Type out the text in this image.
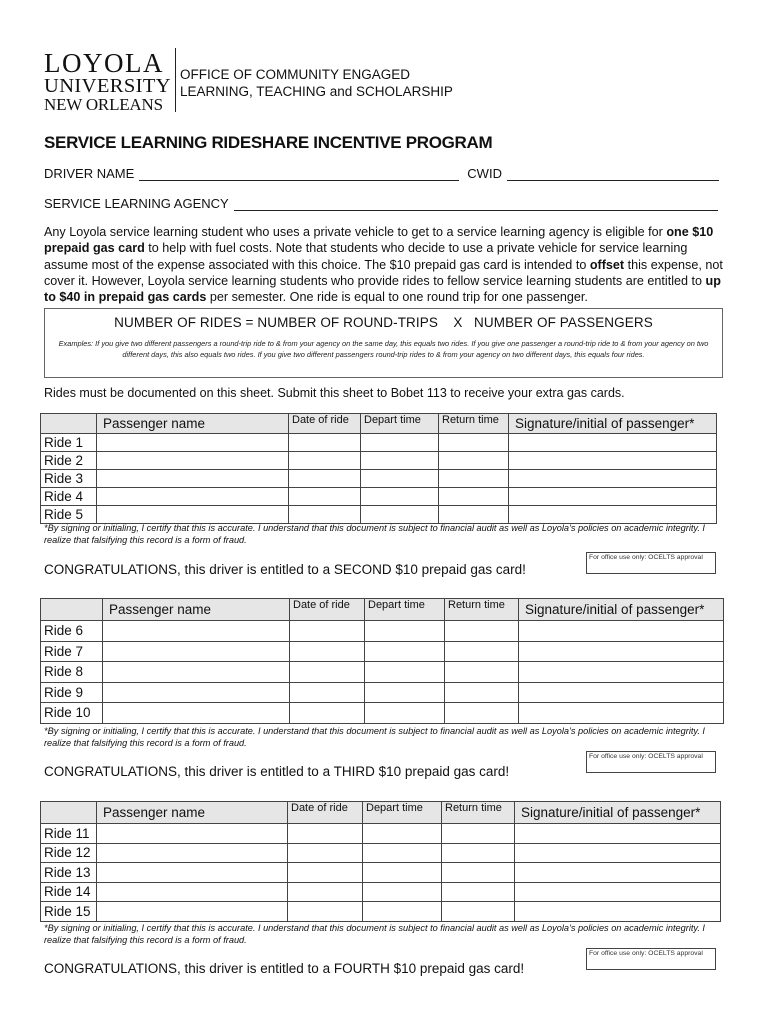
LOYOLA
UNIVERSITY
NEW ORLEANS
OFFICE OF COMMUNITY ENGAGED
LEARNING, TEACHING and SCHOLARSHIP
SERVICE LEARNING RIDESHARE INCENTIVE PROGRAM
DRIVER NAME	CWID
SERVICE LEARNING AGENCY
Any Loyola service learning student who uses a private vehicle to get to a service learning agency is eligible for one $10 prepaid gas card to help with fuel costs. Note that students who decide to use a private vehicle for service learning assume most of the expense associated with this choice. The $10 prepaid gas card is intended to offset this expense, not cover it. However, Loyola service learning students who provide rides to fellow service learning students are entitled to up to $40 in prepaid gas cards per semester. One ride is equal to one round trip for one passenger.
NUMBER OF RIDES = NUMBER OF ROUND-TRIPS    X   NUMBER OF PASSENGERS
Examples: If you give two different passengers a round-trip ride to & from your agency on the same day, this equals two rides. If you give one passenger a round-trip ride to & from your agency on two different days, this also equals two rides. If you give two different passengers round-trip rides to & from your agency on two different days, this equals four rides.
Rides must be documented on this sheet. Submit this sheet to Bobet 113 to receive your extra gas cards.
	Passenger name	Date of ride	Depart time	Return time	Signature/initial of passenger*
Ride 1					
Ride 2					
Ride 3					
Ride 4					
Ride 5					
*By signing or initialing, I certify that this is accurate. I understand that this document is subject to financial audit as well as Loyola’s policies on academic integrity. I realize that falsifying this record is a form of fraud.
For office use only: OCELTS approval
CONGRATULATIONS, this driver is entitled to a SECOND $10 prepaid gas card!
	Passenger name	Date of ride	Depart time	Return time	Signature/initial of passenger*
Ride 6					
Ride 7					
Ride 8					
Ride 9					
Ride 10					
*By signing or initialing, I certify that this is accurate. I understand that this document is subject to financial audit as well as Loyola’s policies on academic integrity. I realize that falsifying this record is a form of fraud.
For office use only: OCELTS approval
CONGRATULATIONS, this driver is entitled to a THIRD $10 prepaid gas card!
	Passenger name	Date of ride	Depart time	Return time	Signature/initial of passenger*
Ride 11					
Ride 12					
Ride 13					
Ride 14					
Ride 15					
*By signing or initialing, I certify that this is accurate. I understand that this document is subject to financial audit as well as Loyola’s policies on academic integrity. I realize that falsifying this record is a form of fraud.
For office use only: OCELTS approval
CONGRATULATIONS, this driver is entitled to a FOURTH $10 prepaid gas card!
